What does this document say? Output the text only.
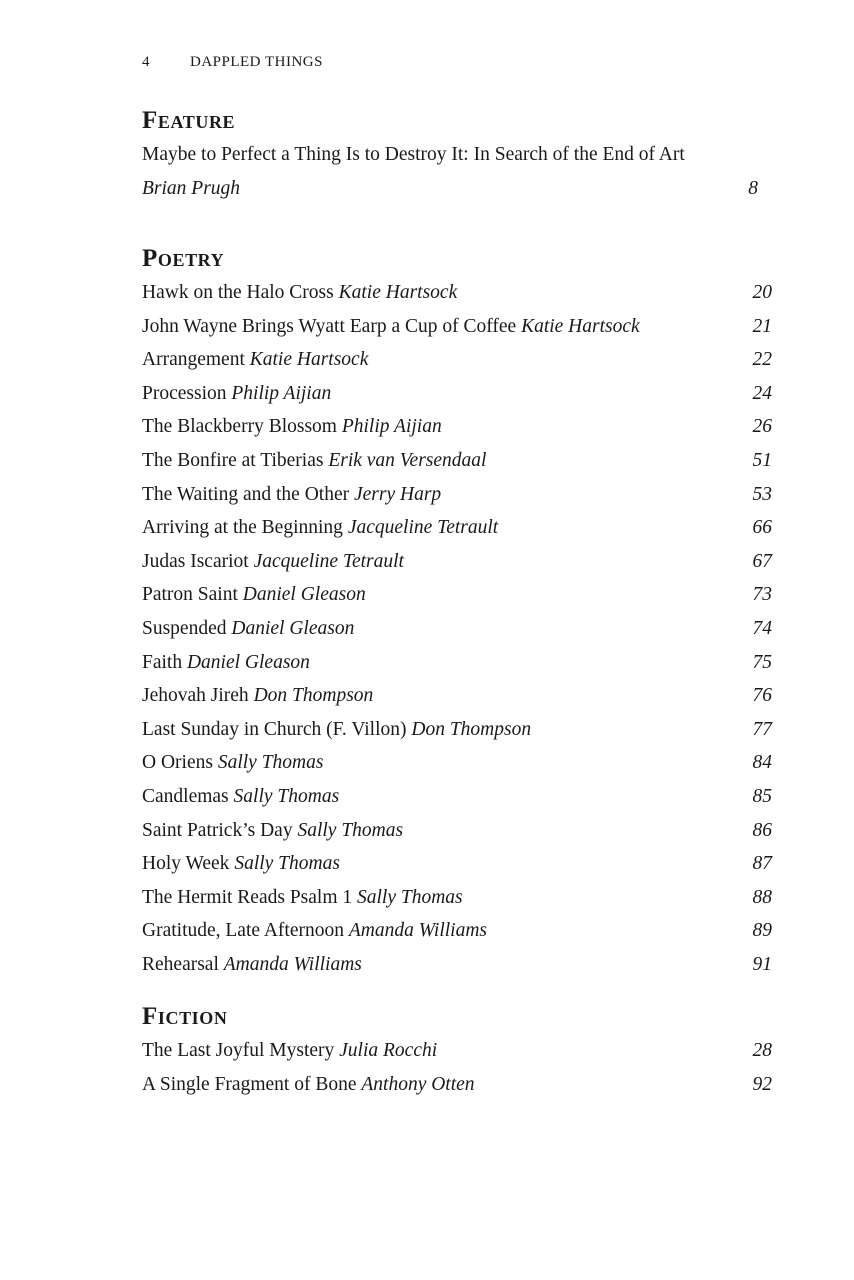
4	DAPPLED THINGS
Feature
Maybe to Perfect a Thing Is to Destroy It: In Search of the End of Art
Brian Prugh	8
Poetry
Hawk on the Halo Cross Katie Hartsock	20
John Wayne Brings Wyatt Earp a Cup of Coffee Katie Hartsock	21
Arrangement Katie Hartsock	22
Procession Philip Aijian	24
The Blackberry Blossom Philip Aijian	26
The Bonfire at Tiberias Erik van Versendaal	51
The Waiting and the Other Jerry Harp	53
Arriving at the Beginning Jacqueline Tetrault	66
Judas Iscariot Jacqueline Tetrault	67
Patron Saint Daniel Gleason	73
Suspended Daniel Gleason	74
Faith Daniel Gleason	75
Jehovah Jireh Don Thompson	76
Last Sunday in Church (F. Villon) Don Thompson	77
O Oriens Sally Thomas	84
Candlemas Sally Thomas	85
Saint Patrick’s Day Sally Thomas	86
Holy Week Sally Thomas	87
The Hermit Reads Psalm 1 Sally Thomas	88
Gratitude, Late Afternoon Amanda Williams	89
Rehearsal Amanda Williams	91
Fiction
The Last Joyful Mystery Julia Rocchi	28
A Single Fragment of Bone Anthony Otten	92
